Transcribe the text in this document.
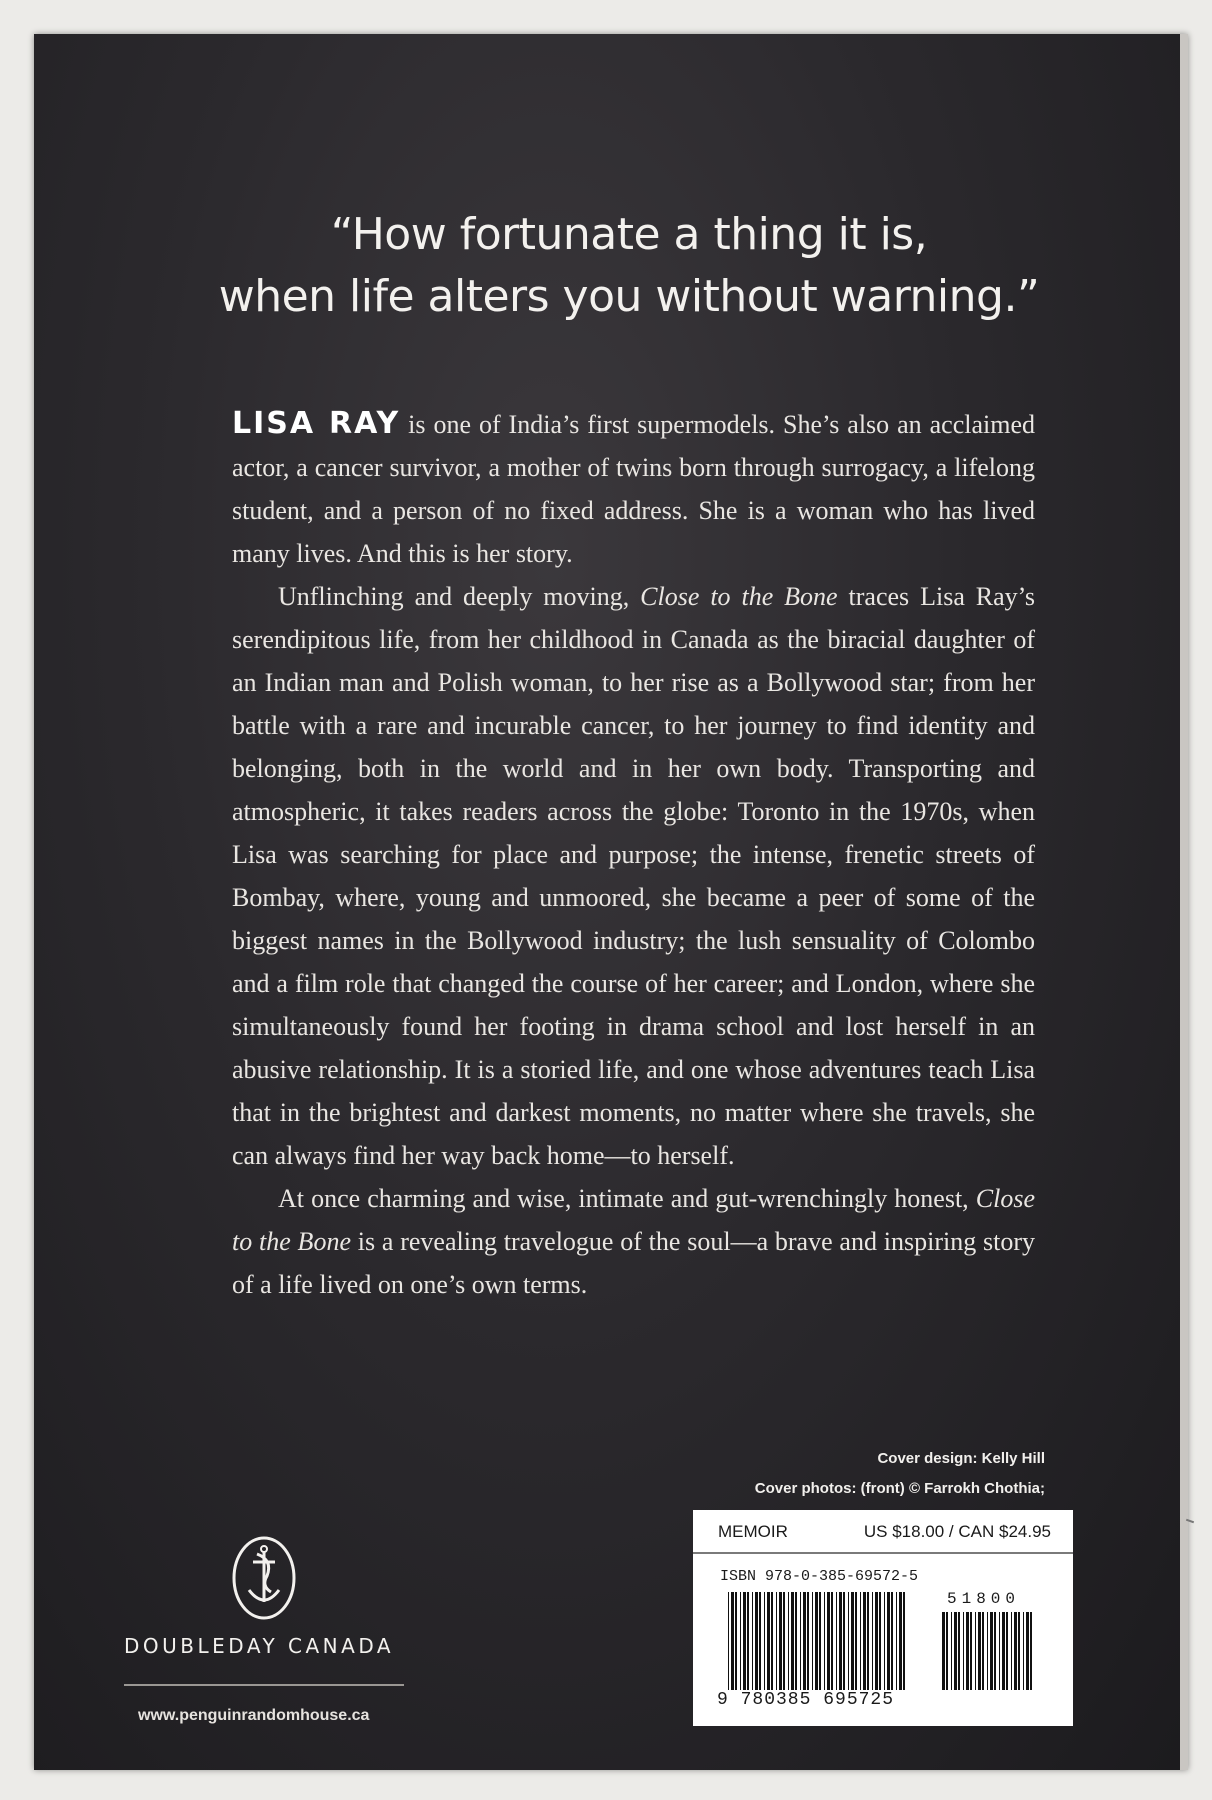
“How fortunate a thing it is,
when life alters you without warning.”

LISA RAY is one of India’s first supermodels. She’s also an acclaimed actor, a cancer survivor, a mother of twins born through surrogacy, a lifelong student, and a person of no fixed address. She is a woman who has lived many lives. And this is her story.

Unflinching and deeply moving, Close to the Bone traces Lisa Ray’s serendipitous life, from her childhood in Canada as the biracial daughter of an Indian man and Polish woman, to her rise as a Bollywood star; from her battle with a rare and incurable cancer, to her journey to find identity and belonging, both in the world and in her own body. Transporting and atmospheric, it takes readers across the globe: Toronto in the 1970s, when Lisa was searching for place and purpose; the intense, frenetic streets of Bombay, where, young and unmoored, she became a peer of some of the biggest names in the Bollywood industry; the lush sensuality of Colombo and a film role that changed the course of her career; and London, where she simultaneously found her footing in drama school and lost herself in an abusive relationship. It is a storied life, and one whose adventures teach Lisa that in the brightest and darkest moments, no matter where she travels, she can always find her way back home—to herself.

At once charming and wise, intimate and gut-wrenchingly honest, Close to the Bone is a revealing travelogue of the soul—a brave and inspiring story of a life lived on one’s own terms.

Cover design: Kelly Hill
Cover photos: (front) © Farrokh Chothia;
DOUBLEDAY CANADA
www.penguinrandomhouse.ca
MEMOIR	US $18.00 / CAN $24.95
ISBN 978-0-385-69572-5
51800
9 780385 695725
